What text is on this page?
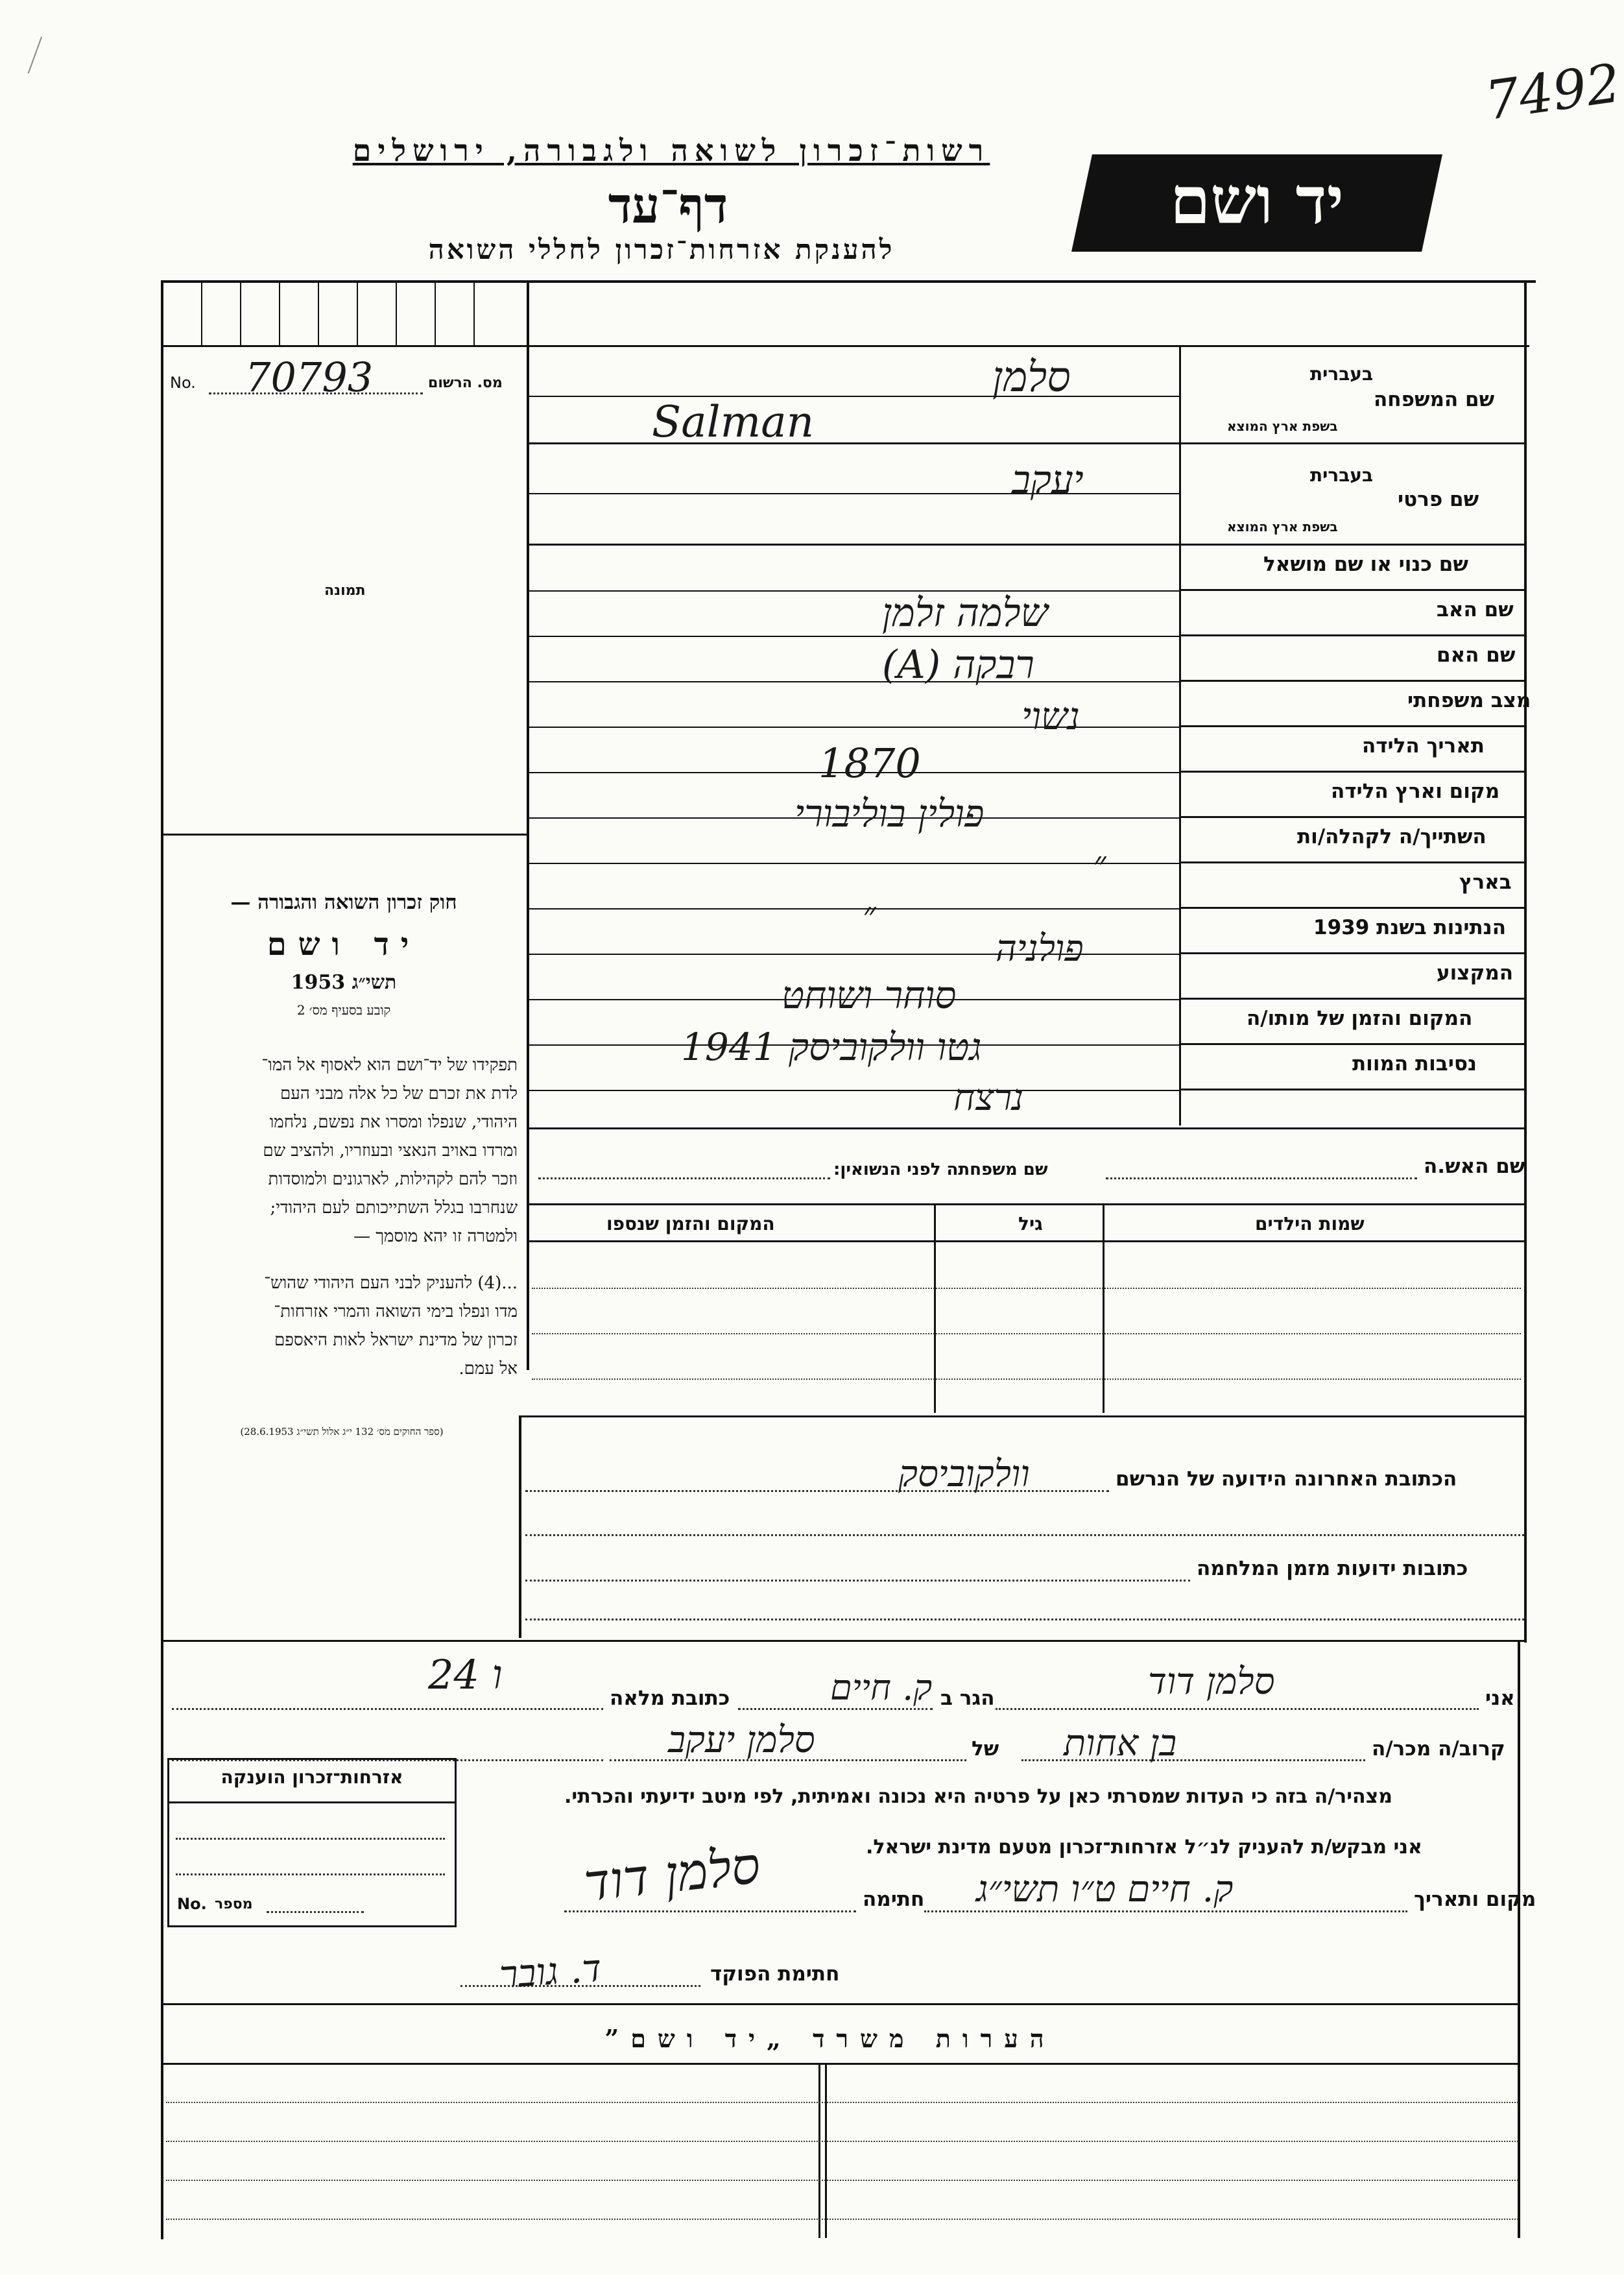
7492
רשות־זכרון לשואה ולגבורה, ירושלים
דף־עד
להענקת אזרחות־זכרון לחללי השואה
יד ושם
מס. הרשום
No. 70793
תמונה
חוק זכרון השואה והגבורה —
יד ושם
תשי״ג 1953
קובע בסעיף מס׳ 2

תפקידו של יד־ושם הוא לאסוף אל המו־

לדת את זכרם של כל אלה מבני העם

היהודי, שנפלו ומסרו את נפשם, נלחמו

ומרדו באויב הנאצי ובעוזריו, ולהציב שם

וזכר להם לקהילות, לארגונים ולמוסדות

שנחרבו בגלל השתייכותם לעם היהודי;

ולמטרה זו יהא מוסמך —

...(4) להעניק לבני העם היהודי שהוש־

מדו ונפלו בימי השואה והמרי אזרחות־

זכרון של מדינת ישראל לאות היאספם

אל עמם.

(ספר החוקים מס׳ 132 י״ג אלול תשי״ג 28.6.1953)
בעברית
שם המשפחה
בשפת ארץ המוצא
בעברית
שם פרטי
בשפת ארץ המוצא
שם כנוי או שם מושאל
שם האב
שם האם
מצב משפחתי
תאריך הלידה
מקום וארץ הלידה
השתייך/ה לקהלה/ות
בארץ
הנתינות בשנת 1939
המקצוע
המקום והזמן של מותו/ה
נסיבות המוות
סלמן
Salman
יעקב
שלמה זלמן
רבקה (A)
נשוי
1870
פולין בוליבורי
״
״
פולניה
סוחר ושוחט
גטו וולקוביסק 1941
נרצח
שם האש.ה
שם משפחתה לפני הנשואין:
שמות הילדים
גיל
המקום והזמן שנספו
הכתובת האחרונה הידועה של הנרשם
וולקוביסק
כתובות ידועות מזמן המלחמה
אני
סלמן דוד
הגר ב
ק. חיים
כתובת מלאה
24 ו
קרוב/ה מכר/ה
בן אחות
של
סלמן יעקב
מצהיר/ה בזה כי העדות שמסרתי כאן על פרטיה היא נכונה ואמיתית, לפי מיטב ידיעתי והכרתי.
אני מבקש/ת להעניק לנ״ל אזרחות־זכרון מטעם מדינת ישראל.
מקום ותאריך
ק. חיים ט״ו תשי״ג
חתימה
סלמן דוד
חתימת הפוקד
ד. גובר
אזרחות־זכרון הוענקה
No. מספר
הערות משרד „יד ושם”
